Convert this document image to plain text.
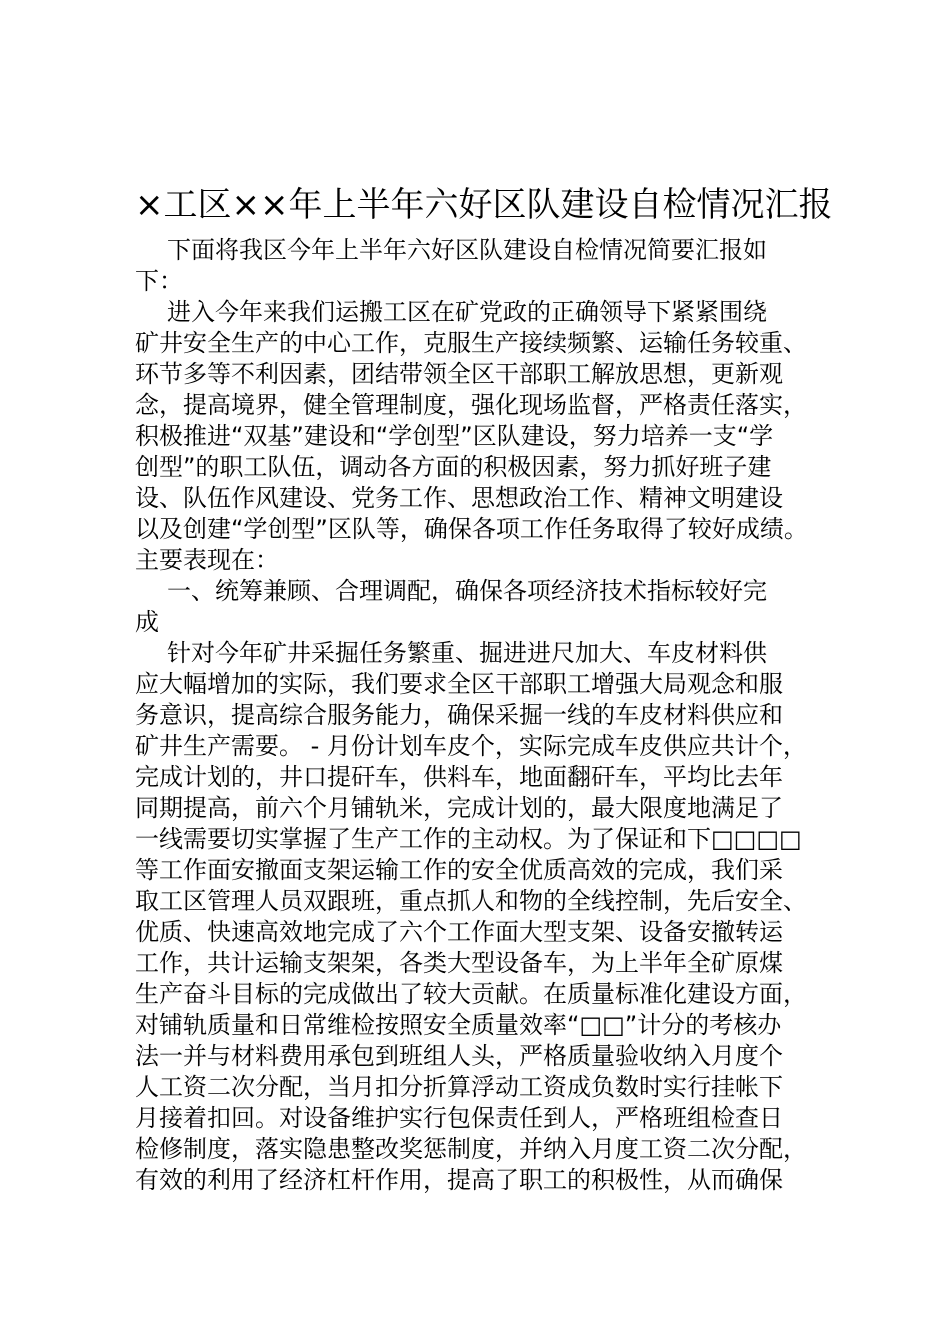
×工区××年上半年六好区队建设自检情况汇报

下面将我区今年上半年六好区队建设自检情况简要汇报如

下：

进入今年来我们运搬工区在矿党政的正确领导下紧紧围绕

矿井安全生产的中心工作，克服生产接续频繁、运输任务较重、

环节多等不利因素，团结带领全区干部职工解放思想，更新观

念，提高境界，健全管理制度，强化现场监督，严格责任落实，

积极推进“双基”建设和“学创型”区队建设，努力培养一支“学

创型”的职工队伍，调动各方面的积极因素，努力抓好班子建

设、队伍作风建设、党务工作、思想政治工作、精神文明建设

以及创建“学创型”区队等，确保各项工作任务取得了较好成绩。

主要表现在：

一、统筹兼顾、合理调配，确保各项经济技术指标较好完

成

针对今年矿井采掘任务繁重、掘进进尺加大、车皮材料供

应大幅增加的实际，我们要求全区干部职工增强大局观念和服

务意识，提高综合服务能力，确保采掘一线的车皮材料供应和

矿井生产需要。 - 月份计划车皮个，实际完成车皮供应共计个，

完成计划的，井口提矸车，供料车，地面翻矸车，平均比去年

同期提高，前六个月铺轨米，完成计划的，最大限度地满足了

一线需要切实掌握了生产工作的主动权。为了保证和下□□□□

等工作面安撤面支架运输工作的安全优质高效的完成，我们采

取工区管理人员双跟班，重点抓人和物的全线控制，先后安全、

优质、快速高效地完成了六个工作面大型支架、设备安撤转运

工作，共计运输支架架，各类大型设备车，为上半年全矿原煤

生产奋斗目标的完成做出了较大贡献。在质量标准化建设方面，

对铺轨质量和日常维检按照安全质量效率“□□”计分的考核办

法一并与材料费用承包到班组人头，严格质量验收纳入月度个

人工资二次分配，当月扣分折算浮动工资成负数时实行挂帐下

月接着扣回。对设备维护实行包保责任到人，严格班组检查日

检修制度，落实隐患整改奖惩制度，并纳入月度工资二次分配，

有效的利用了经济杠杆作用，提高了职工的积极性，从而确保
